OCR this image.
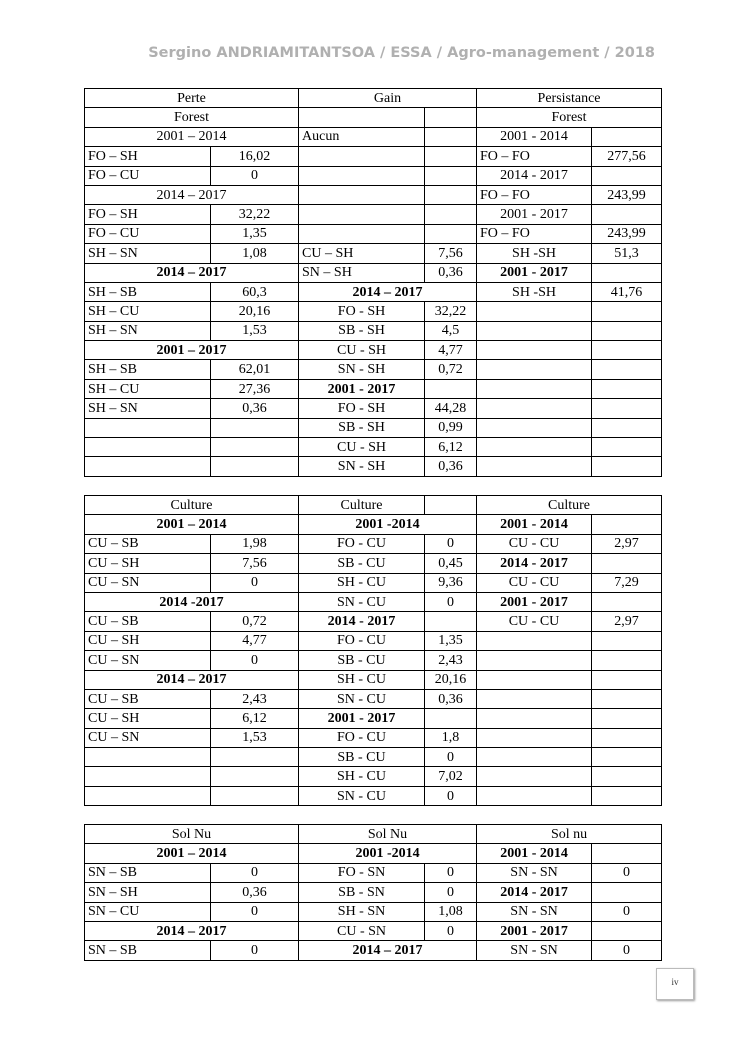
Sergino ANDRIAMITANTSOA / ESSA / Agro-management / 2018
Perte		Gain		Persistance	
Forest				Forest	
2001 – 2014		Aucun		2001 - 2014	
FO – SH	16,02			FO – FO	277,56
FO – CU	0			2014 - 2017	
2014 – 2017				FO – FO	243,99
FO – SH	32,22			2001 - 2017	
FO – CU	1,35			FO – FO	243,99
SH – SN	1,08	CU – SH	7,56	SH -SH	51,3
2014 – 2017		SN – SH	0,36	2001 - 2017	
SH – SB	60,3	2014 – 2017		SH -SH	41,76
SH – CU	20,16	FO - SH	32,22		
SH – SN	1,53	SB - SH	4,5		
2001 – 2017		CU - SH	4,77		
SH – SB	62,01	SN - SH	0,72		
SH – CU	27,36	2001 - 2017			
SH – SN	0,36	FO - SH	44,28		
		SB - SH	0,99		
		CU - SH	6,12		
		SN - SH	0,36		
Culture		Culture		Culture	
2001 – 2014		2001 -2014		2001 - 2014	
CU – SB	1,98	FO - CU	0	CU - CU	2,97
CU – SH	7,56	SB - CU	0,45	2014 - 2017	
CU – SN	0	SH - CU	9,36	CU - CU	7,29
2014 -2017		SN - CU	0	2001 - 2017	
CU – SB	0,72	2014 - 2017		CU - CU	2,97
CU – SH	4,77	FO - CU	1,35		
CU – SN	0	SB - CU	2,43		
2014 – 2017		SH - CU	20,16		
CU – SB	2,43	SN - CU	0,36		
CU – SH	6,12	2001 - 2017			
CU – SN	1,53	FO - CU	1,8		
		SB - CU	0		
		SH - CU	7,02		
		SN - CU	0		
Sol Nu		Sol Nu		Sol nu	
2001 – 2014		2001 -2014		2001 - 2014	
SN – SB	0	FO - SN	0	SN - SN	0
SN – SH	0,36	SB - SN	0	2014 - 2017	
SN – CU	0	SH - SN	1,08	SN - SN	0
2014 – 2017		CU - SN	0	2001 - 2017	
SN – SB	0	2014 – 2017		SN - SN	0
iv
